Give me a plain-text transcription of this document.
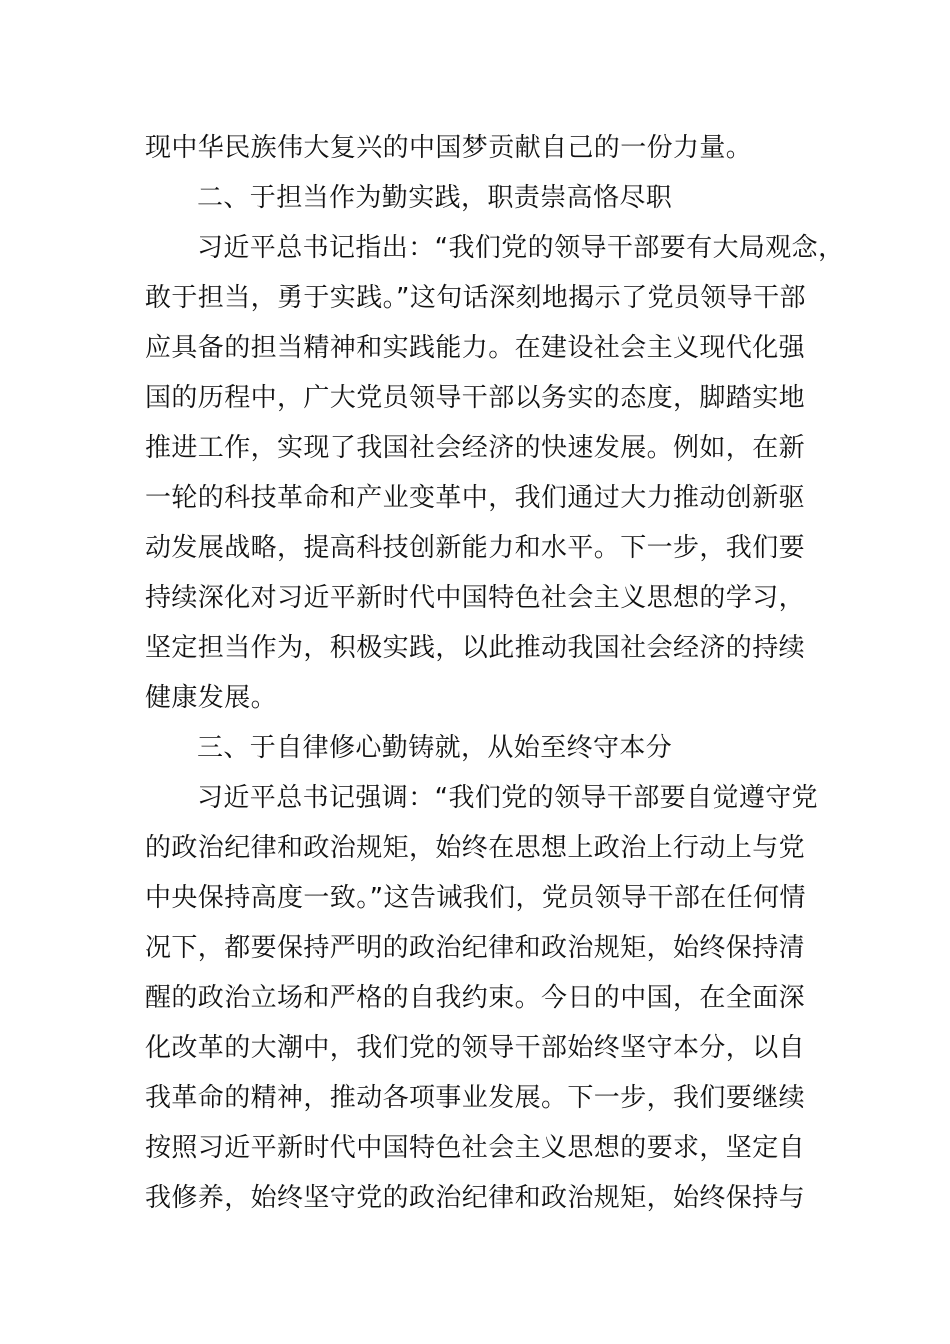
现中华民族伟大复兴的中国梦贡献自己的一份力量。

二、于担当作为勤实践，职责崇高恪尽职

习近平总书记指出：“我们党的领导干部要有大局观念，

敢于担当，勇于实践。”这句话深刻地揭示了党员领导干部

应具备的担当精神和实践能力。在建设社会主义现代化强

国的历程中，广大党员领导干部以务实的态度，脚踏实地

推进工作，实现了我国社会经济的快速发展。例如，在新

一轮的科技革命和产业变革中，我们通过大力推动创新驱

动发展战略，提高科技创新能力和水平。下一步，我们要

持续深化对习近平新时代中国特色社会主义思想的学习，

坚定担当作为，积极实践，以此推动我国社会经济的持续

健康发展。

三、于自律修心勤铸就，从始至终守本分

习近平总书记强调：“我们党的领导干部要自觉遵守党

的政治纪律和政治规矩，始终在思想上政治上行动上与党

中央保持高度一致。”这告诫我们，党员领导干部在任何情

况下，都要保持严明的政治纪律和政治规矩，始终保持清

醒的政治立场和严格的自我约束。今日的中国，在全面深

化改革的大潮中，我们党的领导干部始终坚守本分，以自

我革命的精神，推动各项事业发展。下一步，我们要继续

按照习近平新时代中国特色社会主义思想的要求，坚定自

我修养，始终坚守党的政治纪律和政治规矩，始终保持与
